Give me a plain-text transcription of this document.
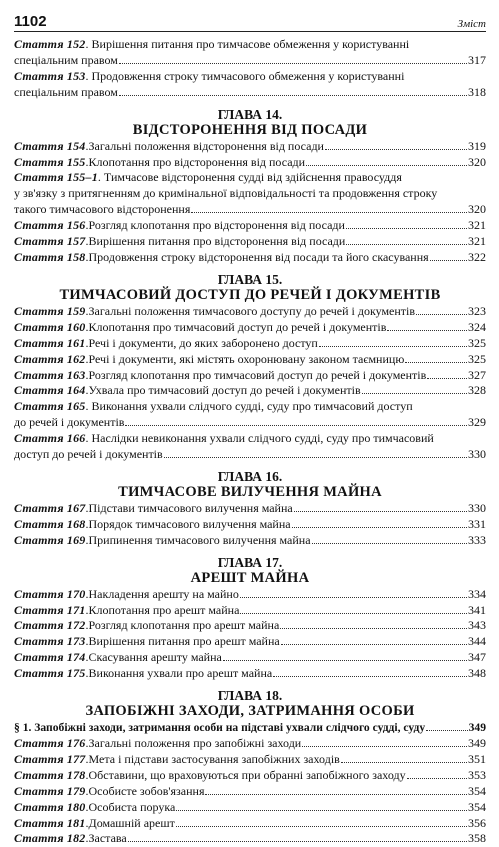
1102	Зміст
Стаття 152. Вирішення питання про тимчасове обмеження у користуванні
спеціальним правом	317
Стаття 153. Продовження строку тимчасового обмеження у користуванні
спеціальним правом	318
ГЛАВА 14.
ВІДСТОРОНЕННЯ ВІД ПОСАДИ
Стаття 154 . Загальні положення відсторонення від посади	319
Стаття 155 . Клопотання про відсторонення від посади	320
Стаття 155–1. Тимчасове відсторонення судді від здійснення правосуддя
у зв'язку з притягненням до кримінальної відповідальності та продовження строку
такого тимчасового відсторонення	320
Стаття 156 . Розгляд клопотання про відсторонення від посади	321
Стаття 157 . Вирішення питання про відсторонення від посади	321
Стаття 158 . Продовження строку відсторонення від посади та його скасування	322
ГЛАВА 15.
ТИМЧАСОВИЙ ДОСТУП ДО РЕЧЕЙ І ДОКУМЕНТІВ
Стаття 159 . Загальні положення тимчасового доступу до речей і документів	323
Стаття 160 . Клопотання про тимчасовий доступ до речей і документів	324
Стаття 161 . Речі і документи, до яких заборонено доступ	325
Стаття 162 . Речі і документи, які містять охоронювану законом таємницю	325
Стаття 163 . Розгляд клопотання про тимчасовий доступ до речей і документів	327
Стаття 164 . Ухвала про тимчасовий доступ до речей і документів	328
Стаття 165. Виконання ухвали слідчого судді, суду про тимчасовий доступ
до речей і документів	329
Стаття 166. Наслідки невиконання ухвали слідчого судді, суду про тимчасовий
доступ до речей і документів	330
ГЛАВА 16.
ТИМЧАСОВЕ ВИЛУЧЕННЯ МАЙНА
Стаття 167 . Підстави тимчасового вилучення майна	330
Стаття 168 . Порядок тимчасового вилучення майна	331
Стаття 169 . Припинення тимчасового вилучення майна	333
ГЛАВА 17.
АРЕШТ МАЙНА
Стаття 170 . Накладення арешту на майно	334
Стаття 171 . Клопотання про арешт майна	341
Стаття 172 . Розгляд клопотання про арешт майна	343
Стаття 173 . Вирішення питання про арешт майна	344
Стаття 174 . Скасування арешту майна	347
Стаття 175 . Виконання ухвали про арешт майна	348
ГЛАВА 18.
ЗАПОБІЖНІ ЗАХОДИ, ЗАТРИМАННЯ ОСОБИ
§ 1. Запобіжні заходи, затримання особи на підставі ухвали слідчого судді, суду	349
Стаття 176 . Загальні положення про запобіжні заходи	349
Стаття 177 . Мета і підстави застосування запобіжних заходів	351
Стаття 178 . Обставини, що враховуються при обранні запобіжного заходу	353
Стаття 179 . Особисте зобов'язання	354
Стаття 180 . Особиста порука	354
Стаття 181 . Домашній арешт	356
Стаття 182 . Застава	358
